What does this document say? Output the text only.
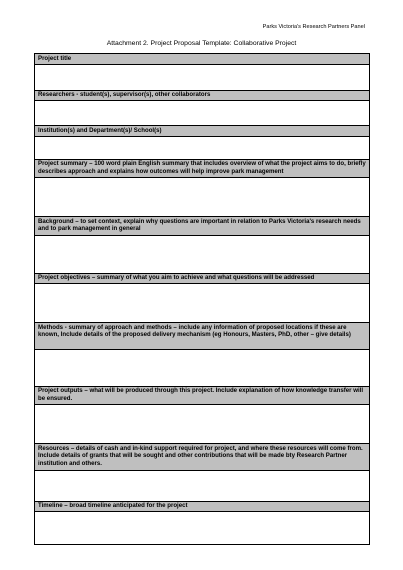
Parks Victoria's Research Partners Panel
Attachment 2. Project Proposal Template: Collaborative Project
Project title

Researchers - student(s), supervisor(s), other collaborators

Institution(s) and Department(s)/ School(s)

Project summary – 100 word plain English summary that includes overview of what the project aims to do, briefly describes approach and explains how outcomes will help improve park management

Background – to set context, explain why questions are important in relation to Parks Victoria's research needs and to park management in general

Project objectives – summary of what you aim to achieve and what questions will be addressed

Methods - summary of approach and methods – include any information of proposed locations if these are known, Include details of the proposed delivery mechanism (eg Honours, Masters, PhD, other – give details)

Project outputs – what will be produced through this project. Include explanation of how knowledge transfer will be ensured.

Resources – details of cash and in-kind support required for project, and where these resources will come from. Include details of grants that will be sought and other contributions that will be made bty Research Partner institution and others.

Timeline – broad timeline anticipated for the project
